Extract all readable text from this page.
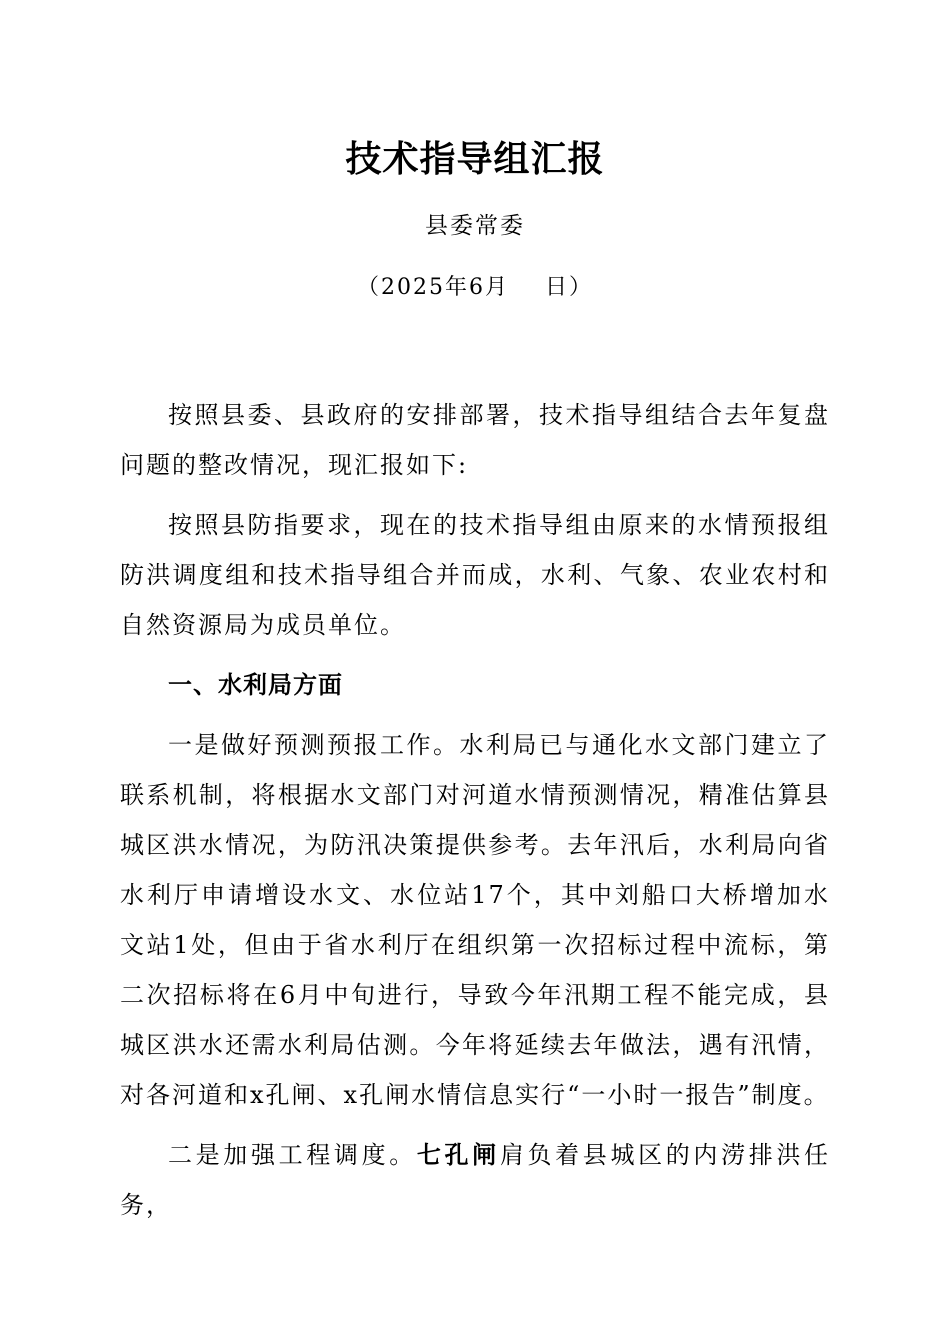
技术指导组汇报
县委常委
（2025年6月    日）

按照县委、县政府的安排部署，技术指导组结合去年复盘问题的整改情况，现汇报如下:

按照县防指要求，现在的技术指导组由原来的水情预报组防洪调度组和技术指导组合并而成，水利、气象、农业农村和自然资源局为成员单位。

一、水利局方面

一是做好预测预报工作。水利局已与通化水文部门建立了联系机制，将根据水文部门对河道水情预测情况，精准估算县城区洪水情况，为防汛决策提供参考。去年汛后，水利局向省水利厅申请增设水文、水位站17个，其中刘船口大桥增加水文站1处，但由于省水利厅在组织第一次招标过程中流标，第二次招标将在6月中旬进行，导致今年汛期工程不能完成，县城区洪水还需水利局估测。今年将延续去年做法，遇有汛情，对各河道和x孔闸、x孔闸水情信息实行“一小时一报告”制度。

二是加强工程调度。七孔闸肩负着县城区的内涝排洪任务，
